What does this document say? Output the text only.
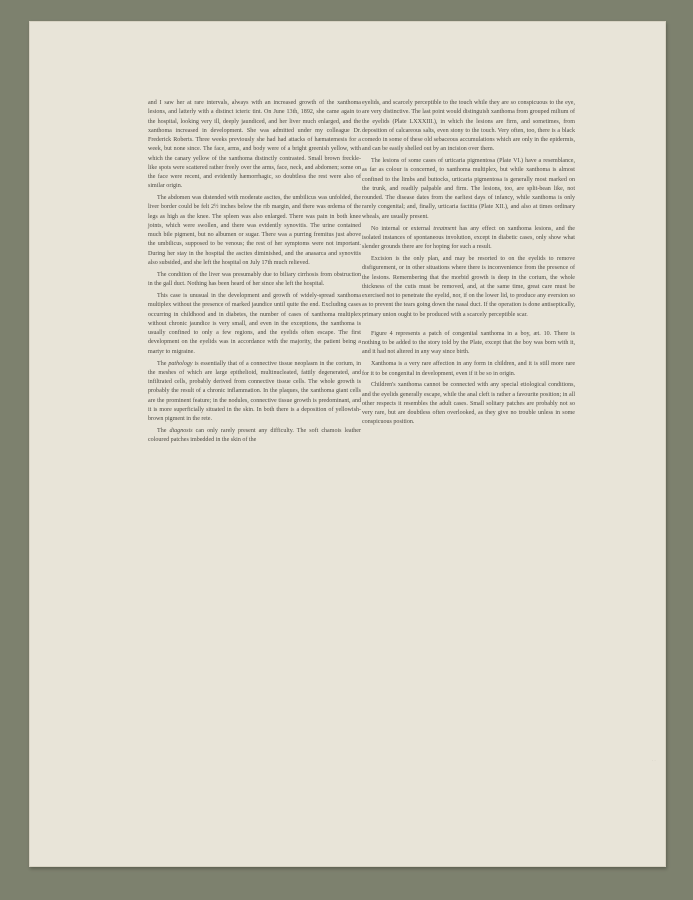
and I saw her at rare intervals, always with an increased growth of the xanthoma lesions, and latterly with a distinct icteric tint. On June 13th, 1892, she came again to the hospital, looking very ill, deeply jaundiced, and her liver much enlarged, and the xanthoma increased in development. She was admitted under my colleague Dr. Frederick Roberts. Three weeks previously she had had attacks of hæmatemesis for a week, but none since. The face, arms, and body were of a bright greenish yellow, with which the canary yellow of the xanthoma distinctly contrasted. Small brown freckle-like spots were scattered rather freely over the arms, face, neck, and abdomen; some on the face were recent, and evidently hæmorrhagic, so doubtless the rest were also of similar origin.

The abdomen was distended with moderate ascites, the umbilicus was unfolded, the liver border could be felt 2½ inches below the rib margin, and there was œdema of the legs as high as the knee. The spleen was also enlarged. There was pain in both knee joints, which were swollen, and there was evidently synovitis. The urine contained much bile pigment, but no albumen or sugar. There was a purring fremitus just above the umbilicus, supposed to be venous; the rest of her symptoms were not important. During her stay in the hospital the ascites diminished, and the anasarca and synovitis also subsided, and she left the hospital on July 17th much relieved.

The condition of the liver was presumably due to biliary cirrhosis from obstruction in the gall duct. Nothing has been heard of her since she left the hospital.

This case is unusual in the development and growth of widely-spread xanthoma multiplex without the presence of marked jaundice until quite the end. Excluding cases occurring in childhood and in diabetes, the number of cases of xanthoma multiplex without chronic jaundice is very small, and even in the exceptions, the xanthoma is usually confined to only a few regions, and the eyelids often escape. The first development on the eyelids was in accordance with the majority, the patient being a martyr to migraine.

The pathology is essentially that of a connective tissue neoplasm in the corium, in the meshes of which are large epithelioid, multinucleated, fattily degenerated, and infiltrated cells, probably derived from connective tissue cells. The whole growth is probably the result of a chronic inflammation. In the plaques, the xanthoma giant cells are the prominent feature; in the nodules, connective tissue growth is predominant, and it is more superficially situated in the skin. In both there is a deposition of yellowish-brown pigment in the rete.

The diagnosis can only rarely present any difficulty. The soft chamois leather coloured patches imbedded in the skin of the

eyelids, and scarcely perceptible to the touch while they are so conspicuous to the eye, are very distinctive. The last point would distinguish xanthoma from grouped milium of the eyelids (Plate LXXXIII.), in which the lesions are firm, and sometimes, from deposition of calcareous salts, even stony to the touch. Very often, too, there is a black comedo in some of these old sebaceous accumulations which are only in the epidermis, and can be easily shelled out by an incision over them.

The lesions of some cases of urticaria pigmentosa (Plate VI.) have a resemblance, as far as colour is concerned, to xanthoma multiplex, but while xanthoma is almost confined to the limbs and buttocks, urticaria pigmentosa is generally most marked on the trunk, and readily palpable and firm. The lesions, too, are split-bean like, not rounded. The disease dates from the earliest days of infancy, while xanthoma is only rarely congenital; and, finally, urticaria factitia (Plate XII.), and also at times ordinary wheals, are usually present.

No internal or external treatment has any effect on xanthoma lesions, and the isolated instances of spontaneous involution, except in diabetic cases, only show what slender grounds there are for hoping for such a result.

Excision is the only plan, and may be resorted to on the eyelids to remove disfigurement, or in other situations where there is inconvenience from the presence of the lesions. Remembering that the morbid growth is deep in the corium, the whole thickness of the cutis must be removed, and, at the same time, great care must be exercised not to penetrate the eyelid, nor, if on the lower lid, to produce any eversion so as to prevent the tears going down the nasal duct. If the operation is done antiseptically, primary union ought to be produced with a scarcely perceptible scar.

Figure 4 represents a patch of congenital xanthoma in a boy, æt. 10. There is nothing to be added to the story told by the Plate, except that the boy was born with it, and it had not altered in any way since birth.

Xanthoma is a very rare affection in any form in children, and it is still more rare for it to be congenital in development, even if it be so in origin.

Children's xanthoma cannot be connected with any special etiological conditions, and the eyelids generally escape, while the anal cleft is rather a favourite position; in all other respects it resembles the adult cases. Small solitary patches are probably not so very rare, but are doubtless often overlooked, as they give no trouble unless in some conspicuous position.

· ·
